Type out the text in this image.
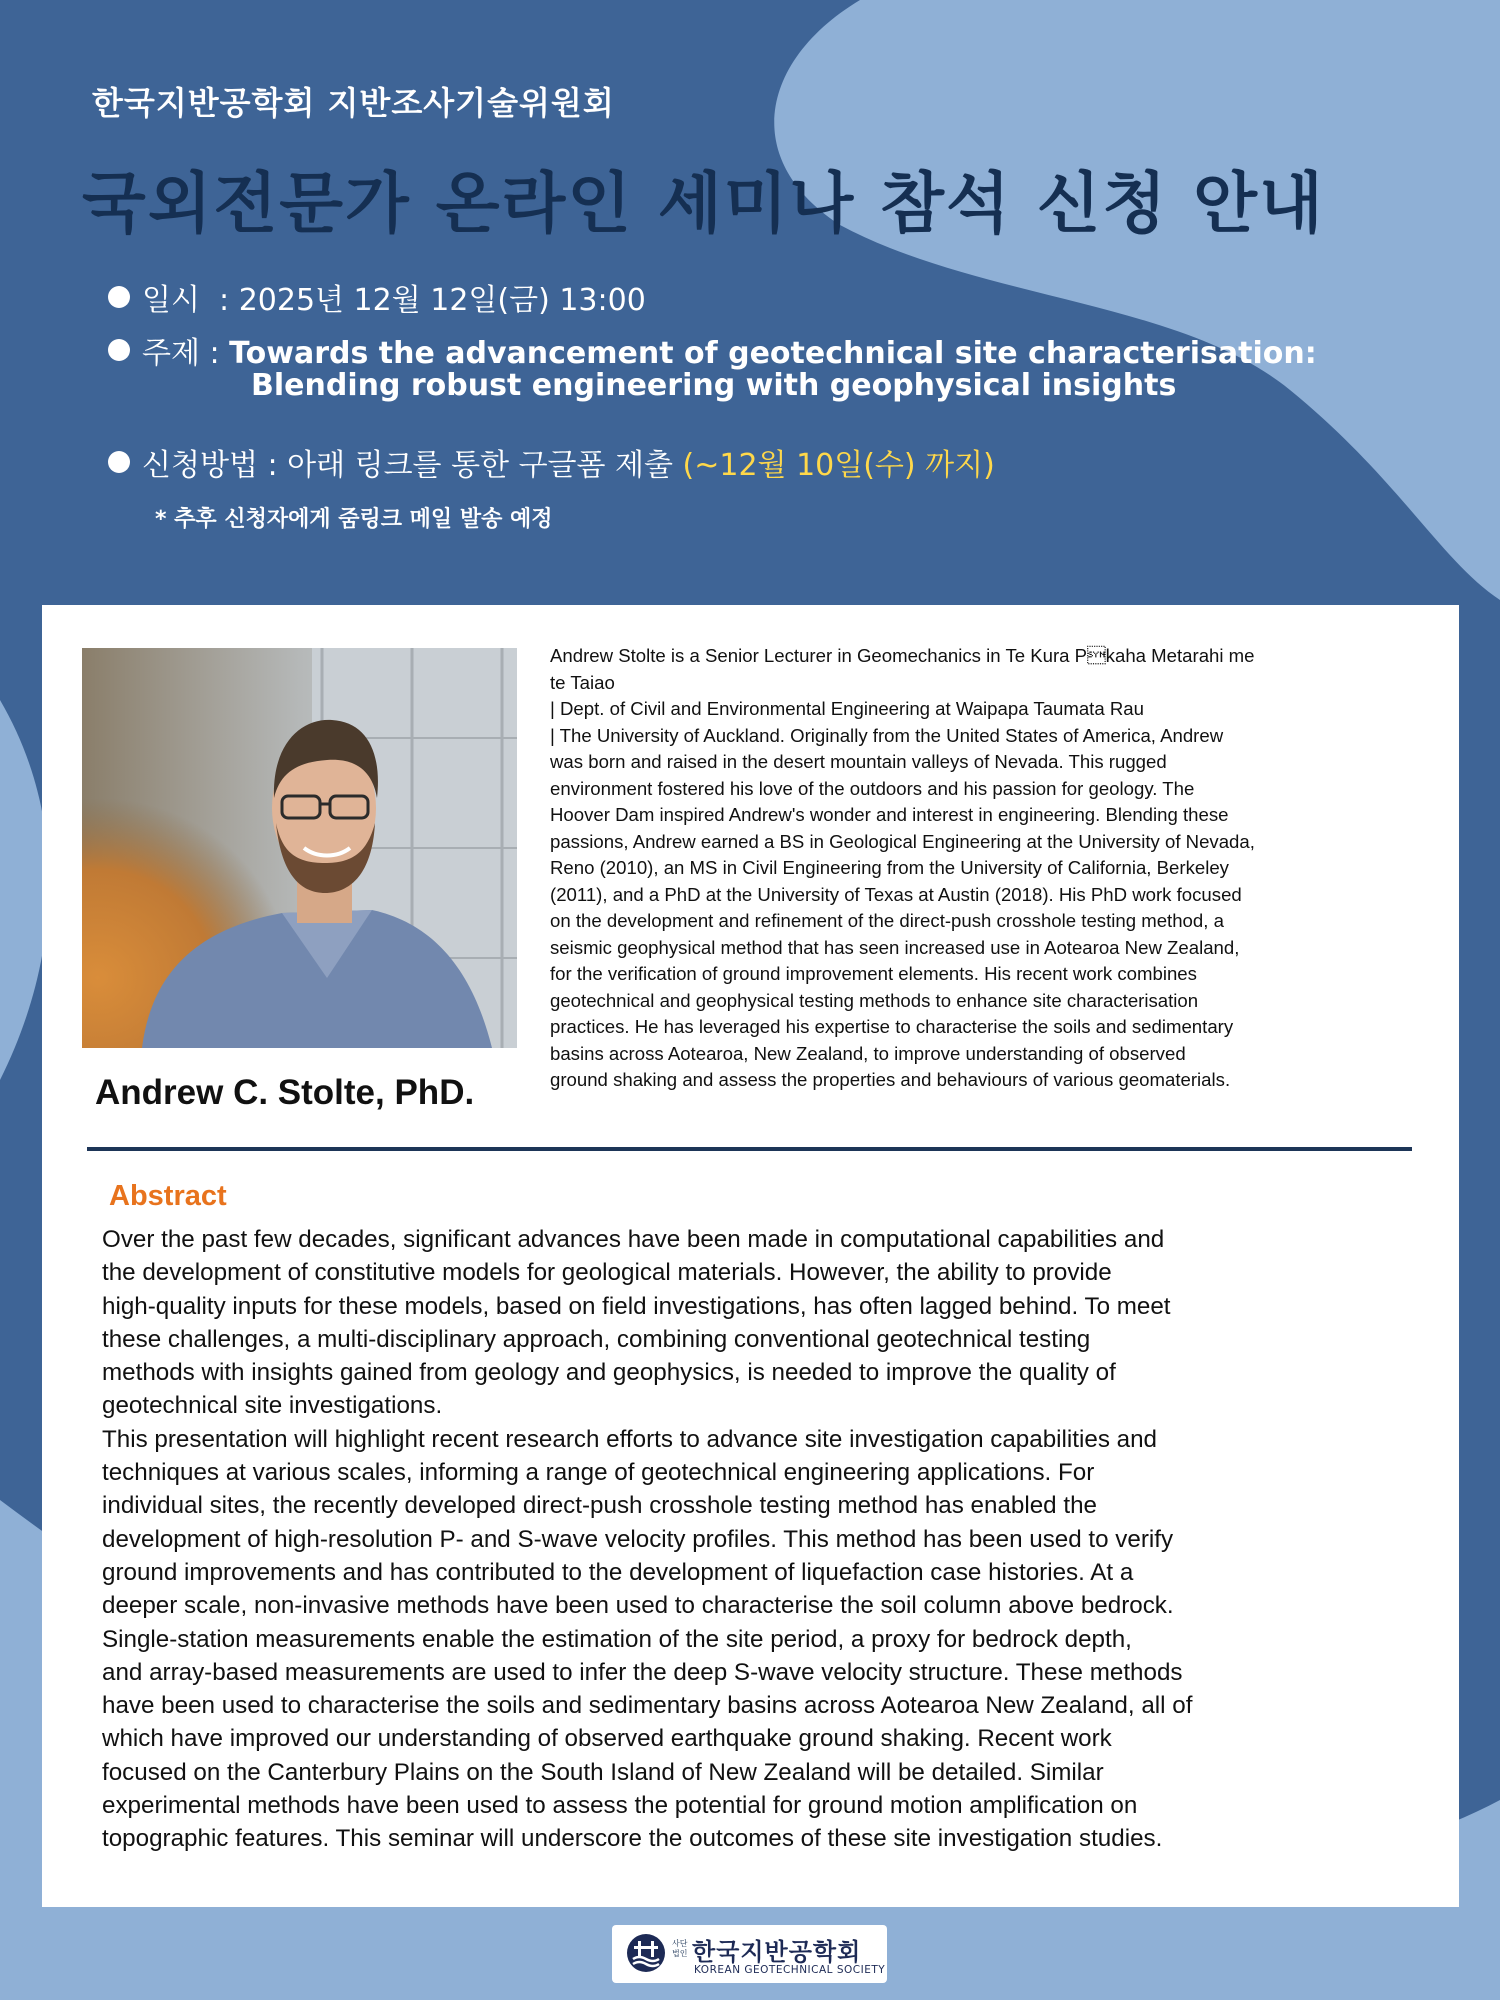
한국지반공학회 지반조사기술위원회
국외전문가 온라인 세미나 참석 신청 안내
일시 : 2025년 12월 12일(금) 13:00
주제 : Towards the advancement of geotechnical site characterisation:
Blending robust engineering with geophysical insights
신청방법 : 아래 링크를 통한 구글폼 제출 (~12월 10일(수) 까지)
* 추후 신청자에게 줌링크 메일 발송 예정
Andrew C. Stolte, PhD.
Andrew Stolte is a Senior Lecturer in Geomechanics in Te Kura Pkaha Metarahi me
te Taiao
| Dept. of Civil and Environmental Engineering at Waipapa Taumata Rau
| The University of Auckland. Originally from the United States of America, Andrew
was born and raised in the desert mountain valleys of Nevada. This rugged
environment fostered his love of the outdoors and his passion for geology. The
Hoover Dam inspired Andrew's wonder and interest in engineering. Blending these
passions, Andrew earned a BS in Geological Engineering at the University of Nevada,
Reno (2010), an MS in Civil Engineering from the University of California, Berkeley
(2011), and a PhD at the University of Texas at Austin (2018). His PhD work focused
on the development and refinement of the direct-push crosshole testing method, a
seismic geophysical method that has seen increased use in Aotearoa New Zealand,
for the verification of ground improvement elements. His recent work combines
geotechnical and geophysical testing methods to enhance site characterisation
practices. He has leveraged his expertise to characterise the soils and sedimentary
basins across Aotearoa, New Zealand, to improve understanding of observed
ground shaking and assess the properties and behaviours of various geomaterials.
Abstract
Over the past few decades, significant advances have been made in computational capabilities and
the development of constitutive models for geological materials. However, the ability to provide
high-quality inputs for these models, based on field investigations, has often lagged behind. To meet
these challenges, a multi-disciplinary approach, combining conventional geotechnical testing
methods with insights gained from geology and geophysics, is needed to improve the quality of
geotechnical site investigations.
This presentation will highlight recent research efforts to advance site investigation capabilities and
techniques at various scales, informing a range of geotechnical engineering applications. For
individual sites, the recently developed direct-push crosshole testing method has enabled the
development of high-resolution P- and S-wave velocity profiles. This method has been used to verify
ground improvements and has contributed to the development of liquefaction case histories. At a
deeper scale, non-invasive methods have been used to characterise the soil column above bedrock.
Single-station measurements enable the estimation of the site period, a proxy for bedrock depth,
and array-based measurements are used to infer the deep S-wave velocity structure. These methods
have been used to characterise the soils and sedimentary basins across Aotearoa New Zealand, all of
which have improved our understanding of observed earthquake ground shaking. Recent work
focused on the Canterbury Plains on the South Island of New Zealand will be detailed. Similar
experimental methods have been used to assess the potential for ground motion amplification on
topographic features. This seminar will underscore the outcomes of these site investigation studies.
사단법인 한국지반공학회
KOREAN GEOTECHNICAL SOCIETY
